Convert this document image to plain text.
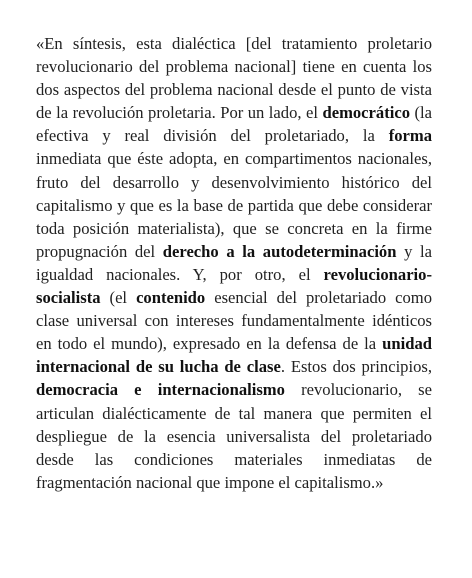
«En síntesis, esta dialéctica [del tratamiento proletario revolucionario del problema nacional] tiene en cuenta los dos aspectos del problema nacional desde el punto de vista de la revolución proletaria. Por un lado, el democrático (la efectiva y real división del proletariado, la forma inmediata que éste adopta, en compartimentos nacionales, fruto del desarrollo y desenvolvimiento histórico del capitalismo y que es la base de partida que debe considerar toda posición materialista), que se concreta en la firme propugnación del derecho a la autodeterminación y la igualdad nacionales. Y, por otro, el revolucionario-socialista (el contenido esencial del proletariado como clase universal con intereses fundamentalmente idénticos en todo el mundo), expresado en la defensa de la unidad internacional de su lucha de clase. Estos dos principios, democracia e internacionalismo revolucionario, se articulan dialécticamente de tal manera que permiten el despliegue de la esencia universalista del proletariado desde las condiciones materiales inmediatas de fragmentación nacional que impone el capitalismo.»
